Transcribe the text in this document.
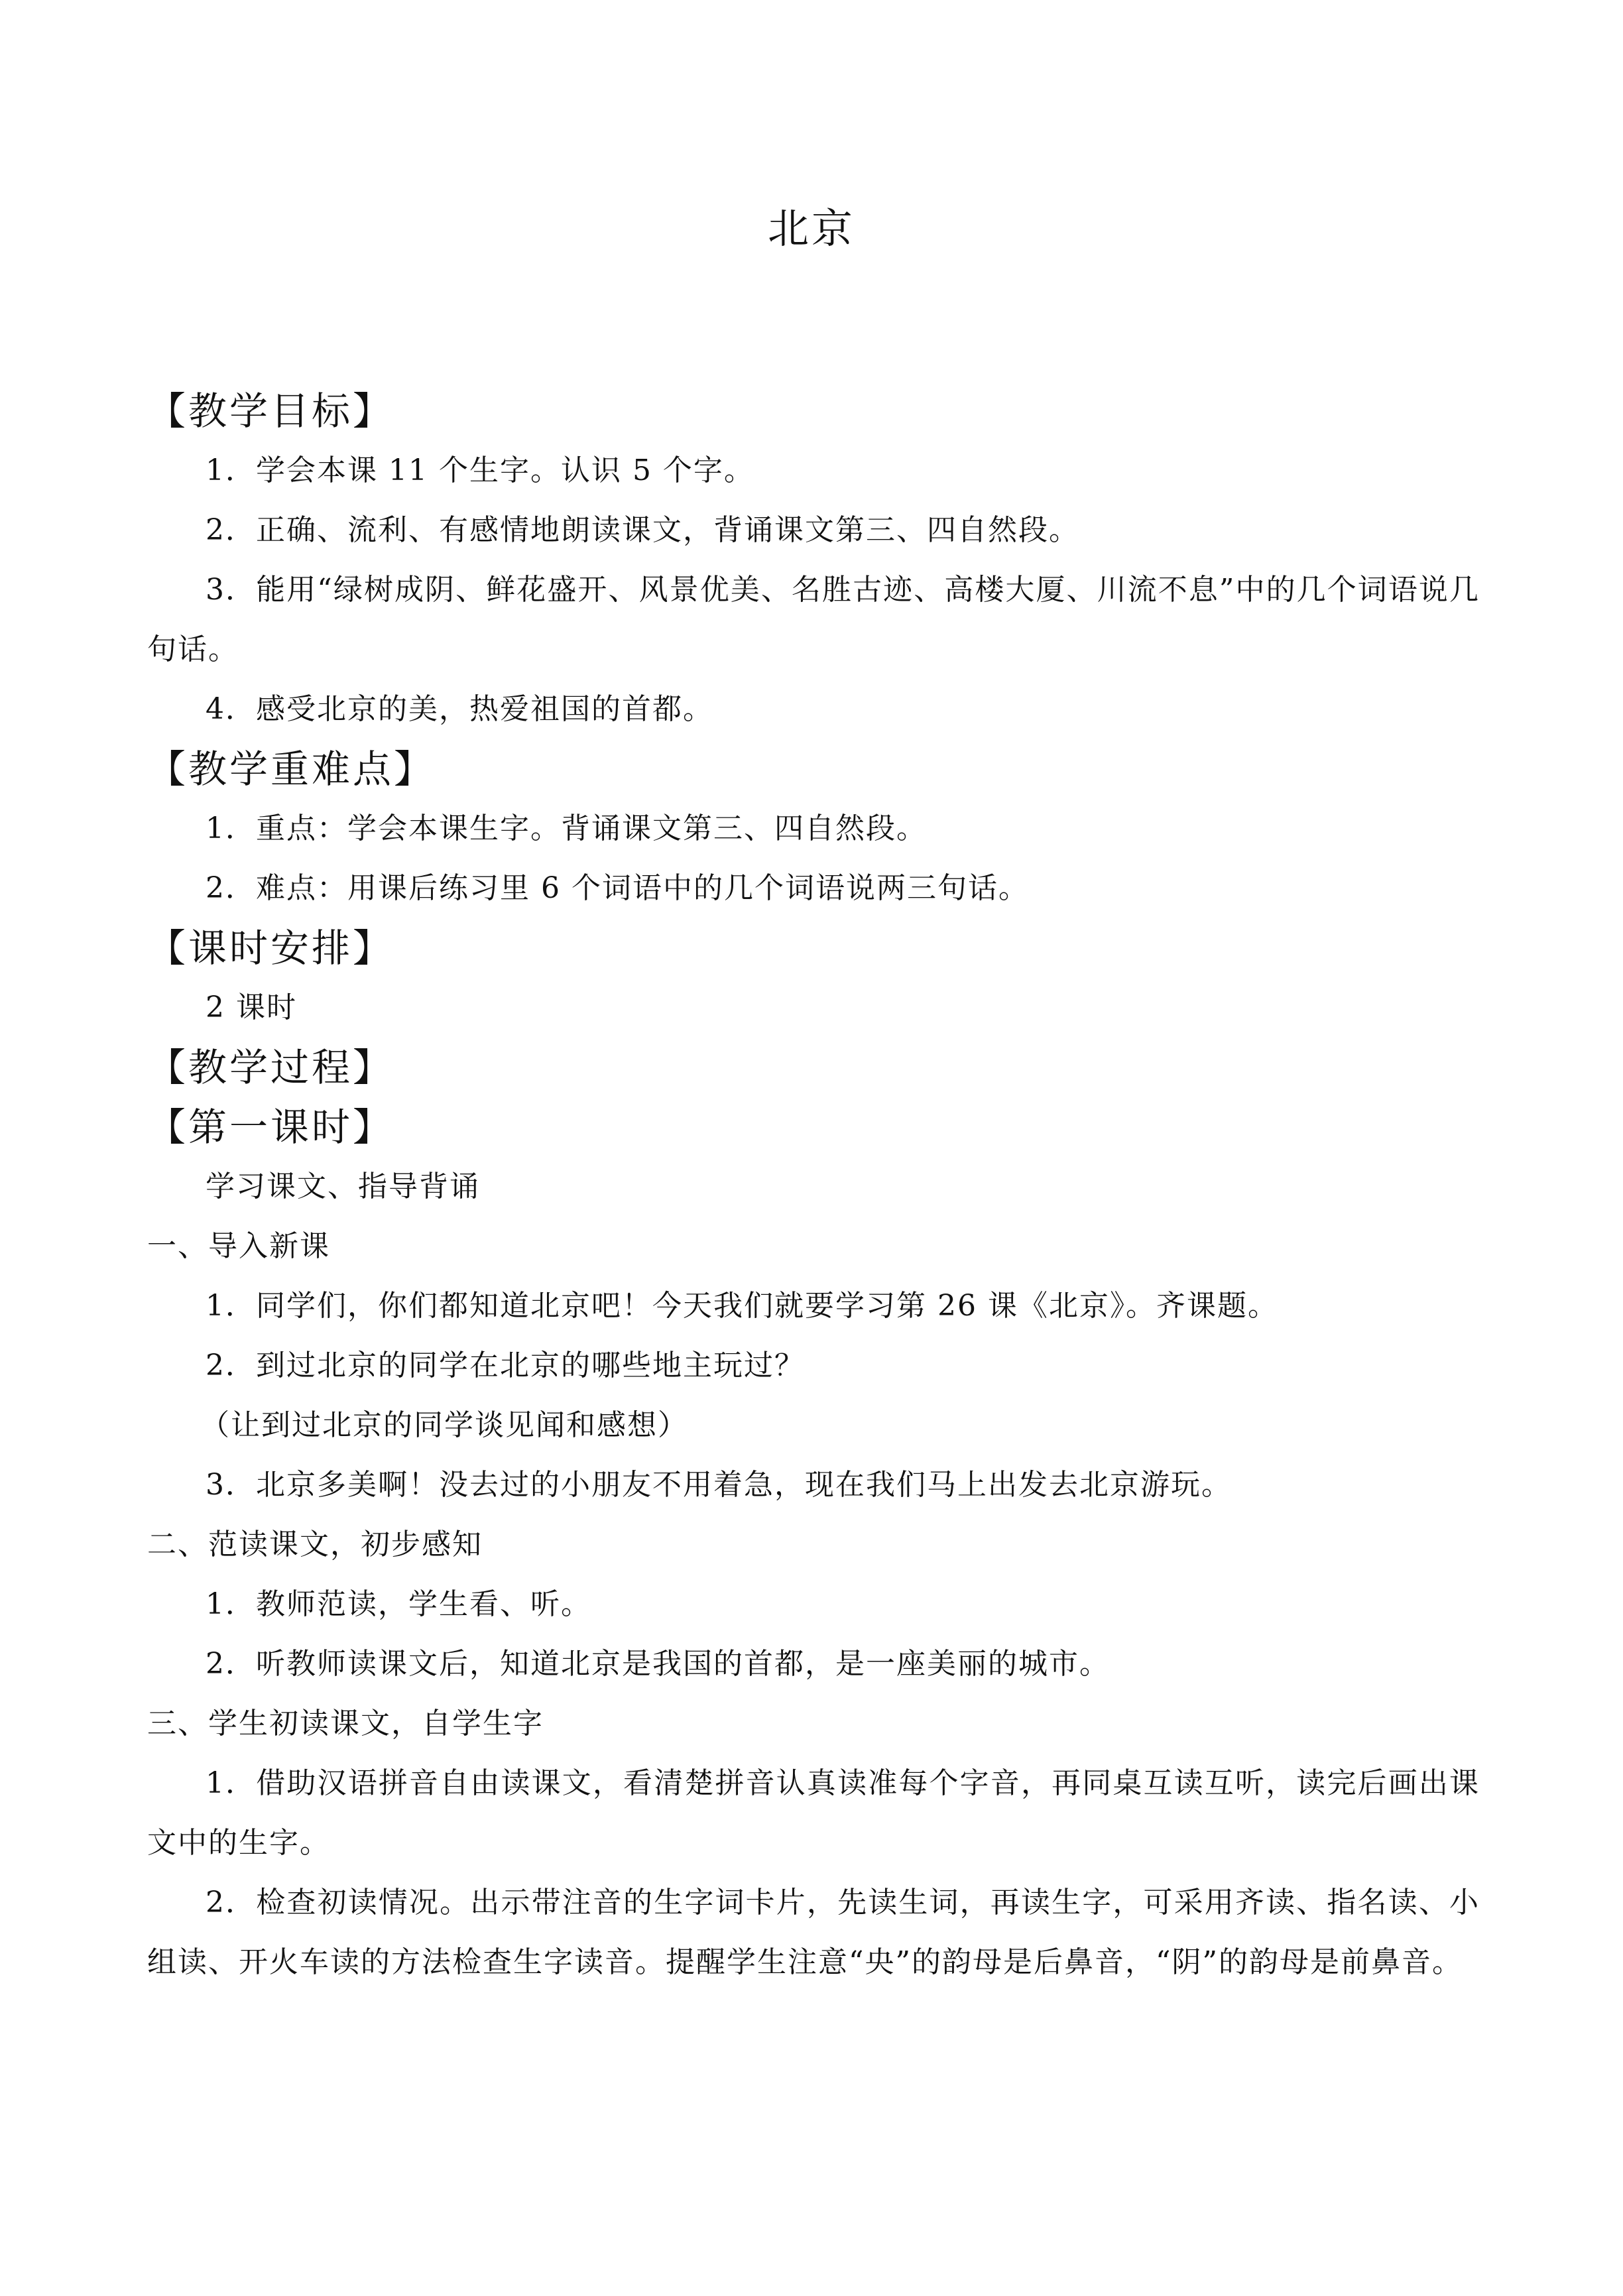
北京
【教学目标】

1．学会本课 11 个生字。认识 5 个字。

2．正确、流利、有感情地朗读课文，背诵课文第三、四自然段。

3．能用“绿树成阴、鲜花盛开、风景优美、名胜古迹、高楼大厦、川流不息”中的几个词语说几句话。

4．感受北京的美，热爱祖国的首都。

【教学重难点】

1．重点：学会本课生字。背诵课文第三、四自然段。

2．难点：用课后练习里 6 个词语中的几个词语说两三句话。

【课时安排】

2 课时

【教学过程】
【第一课时】

学习课文、指导背诵

一、导入新课

1．同学们，你们都知道北京吧！今天我们就要学习第 26 课《北京》。齐课题。

2．到过北京的同学在北京的哪些地主玩过？

（让到过北京的同学谈见闻和感想）

3．北京多美啊！没去过的小朋友不用着急，现在我们马上出发去北京游玩。

二、范读课文，初步感知

1．教师范读，学生看、听。

2．听教师读课文后，知道北京是我国的首都，是一座美丽的城市。

三、学生初读课文，自学生字

1．借助汉语拼音自由读课文，看清楚拼音认真读准每个字音，再同桌互读互听，读完后画出课文中的生字。

2．检查初读情况。出示带注音的生字词卡片，先读生词，再读生字，可采用齐读、指名读、小组读、开火车读的方法检查生字读音。提醒学生注意“央”的韵母是后鼻音，“阴”的韵母是前鼻音。
